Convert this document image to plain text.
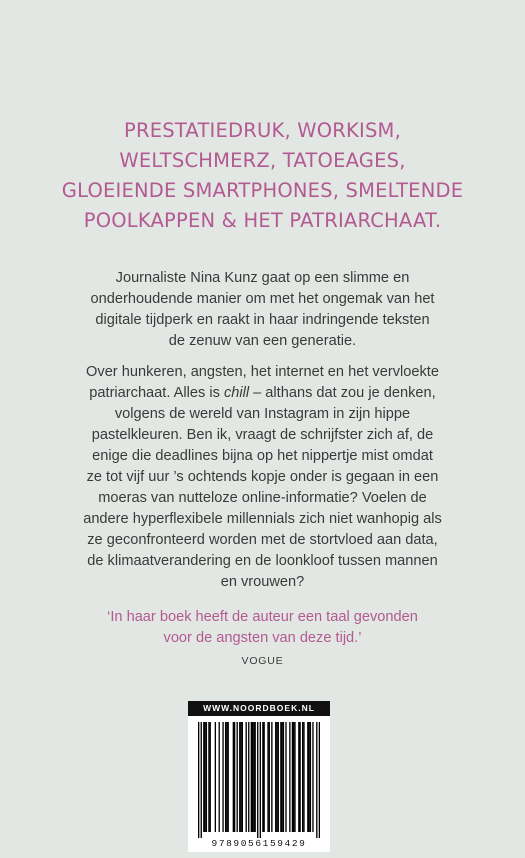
PRESTATIEDRUK, WORKISM,
WELTSCHMERZ, TATOEAGES,
GLOEIENDE SMARTPHONES, SMELTENDE
POOLKAPPEN & HET PATRIARCHAAT.
Journaliste Nina Kunz gaat op een slimme en
onderhoudende manier om met het ongemak van het
digitale tijdperk en raakt in haar indringende teksten
de zenuw van een generatie.
Over hunkeren, angsten, het internet en het vervloekte
patriarchaat. Alles is chill – althans dat zou je denken,
volgens de wereld van Instagram in zijn hippe
pastelkleuren. Ben ik, vraagt de schrijfster zich af, de
enige die deadlines bijna op het nippertje mist omdat
ze tot vijf uur ’s ochtends kopje onder is gegaan in een
moeras van nutteloze online-informatie? Voelen de
andere hyperflexibele millennials zich niet wanhopig als
ze geconfronteerd worden met de stortvloed aan data,
de klimaatverandering en de loonkloof tussen mannen
en vrouwen?
‘In haar boek heeft de auteur een taal gevonden
voor de angsten van deze tijd.’
VOGUE
WWW.NOORDBOEK.NL
9789056159429
